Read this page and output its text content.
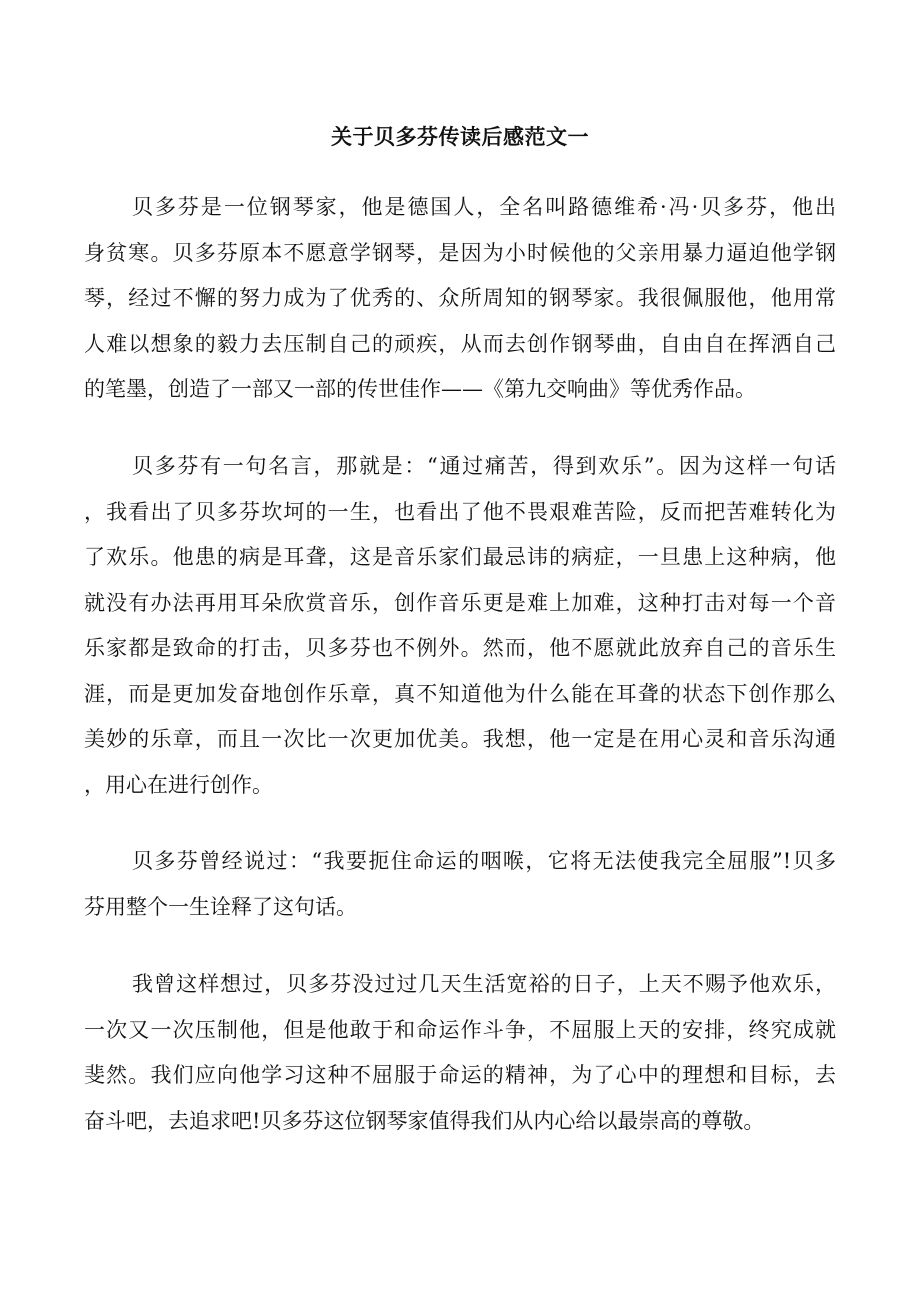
关于贝多芬传读后感范文一
贝多芬是一位钢琴家，他是德国人，全名叫路德维希·冯·贝多芬，他出
身贫寒。贝多芬原本不愿意学钢琴，是因为小时候他的父亲用暴力逼迫他学钢
琴，经过不懈的努力成为了优秀的、众所周知的钢琴家。我很佩服他，他用常
人难以想象的毅力去压制自己的顽疾，从而去创作钢琴曲，自由自在挥洒自己
的笔墨，创造了一部又一部的传世佳作——《第九交响曲》等优秀作品。
贝多芬有一句名言，那就是：“通过痛苦，得到欢乐”。因为这样一句话
，我看出了贝多芬坎坷的一生，也看出了他不畏艰难苦险，反而把苦难转化为
了欢乐。他患的病是耳聋，这是音乐家们最忌讳的病症，一旦患上这种病，他
就没有办法再用耳朵欣赏音乐，创作音乐更是难上加难，这种打击对每一个音
乐家都是致命的打击，贝多芬也不例外。然而，他不愿就此放弃自己的音乐生
涯，而是更加发奋地创作乐章，真不知道他为什么能在耳聋的状态下创作那么
美妙的乐章，而且一次比一次更加优美。我想，他一定是在用心灵和音乐沟通
，用心在进行创作。
贝多芬曾经说过：“我要扼住命运的咽喉，它将无法使我完全屈服”!贝多
芬用整个一生诠释了这句话。
我曾这样想过，贝多芬没过过几天生活宽裕的日子，上天不赐予他欢乐，
一次又一次压制他，但是他敢于和命运作斗争，不屈服上天的安排，终究成就
斐然。我们应向他学习这种不屈服于命运的精神，为了心中的理想和目标，去
奋斗吧，去追求吧!贝多芬这位钢琴家值得我们从内心给以最崇高的尊敬。
